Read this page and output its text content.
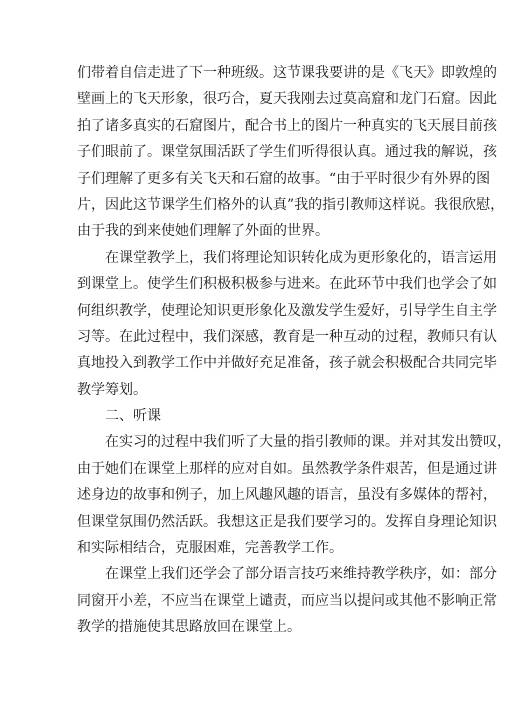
们带着自信走进了下一种班级。这节课我要讲的是《飞天》即敦煌的
壁画上的飞天形象，很巧合，夏天我刚去过莫高窟和龙门石窟。因此
拍了诸多真实的石窟图片，配合书上的图片一种真实的飞天展目前孩
子们眼前了。课堂氛围活跃了学生们听得很认真。通过我的解说，孩
子们理解了更多有关飞天和石窟的故事。“由于平时很少有外界的图
片，因此这节课学生们格外的认真”我的指引教师这样说。我很欣慰，
由于我的到来使她们理解了外面的世界。
在课堂教学上，我们将理论知识转化成为更形象化的，语言运用
到课堂上。使学生们积极积极参与进来。在此环节中我们也学会了如
何组织教学，使理论知识更形象化及激发学生爱好，引导学生自主学
习等。在此过程中，我们深感，教育是一种互动的过程，教师只有认
真地投入到教学工作中并做好充足准备，孩子就会积极配合共同完毕
教学筹划。
二、听课
在实习的过程中我们听了大量的指引教师的课。并对其发出赞叹，
由于她们在课堂上那样的应对自如。虽然教学条件艰苦，但是通过讲
述身边的故事和例子，加上风趣风趣的语言，虽没有多媒体的帮衬，
但课堂氛围仍然活跃。我想这正是我们要学习的。发挥自身理论知识
和实际相结合，克服困难，完善教学工作。
在课堂上我们还学会了部分语言技巧来维持教学秩序，如：部分
同窗开小差，不应当在课堂上谴责，而应当以提问或其他不影响正常
教学的措施使其思路放回在课堂上。
